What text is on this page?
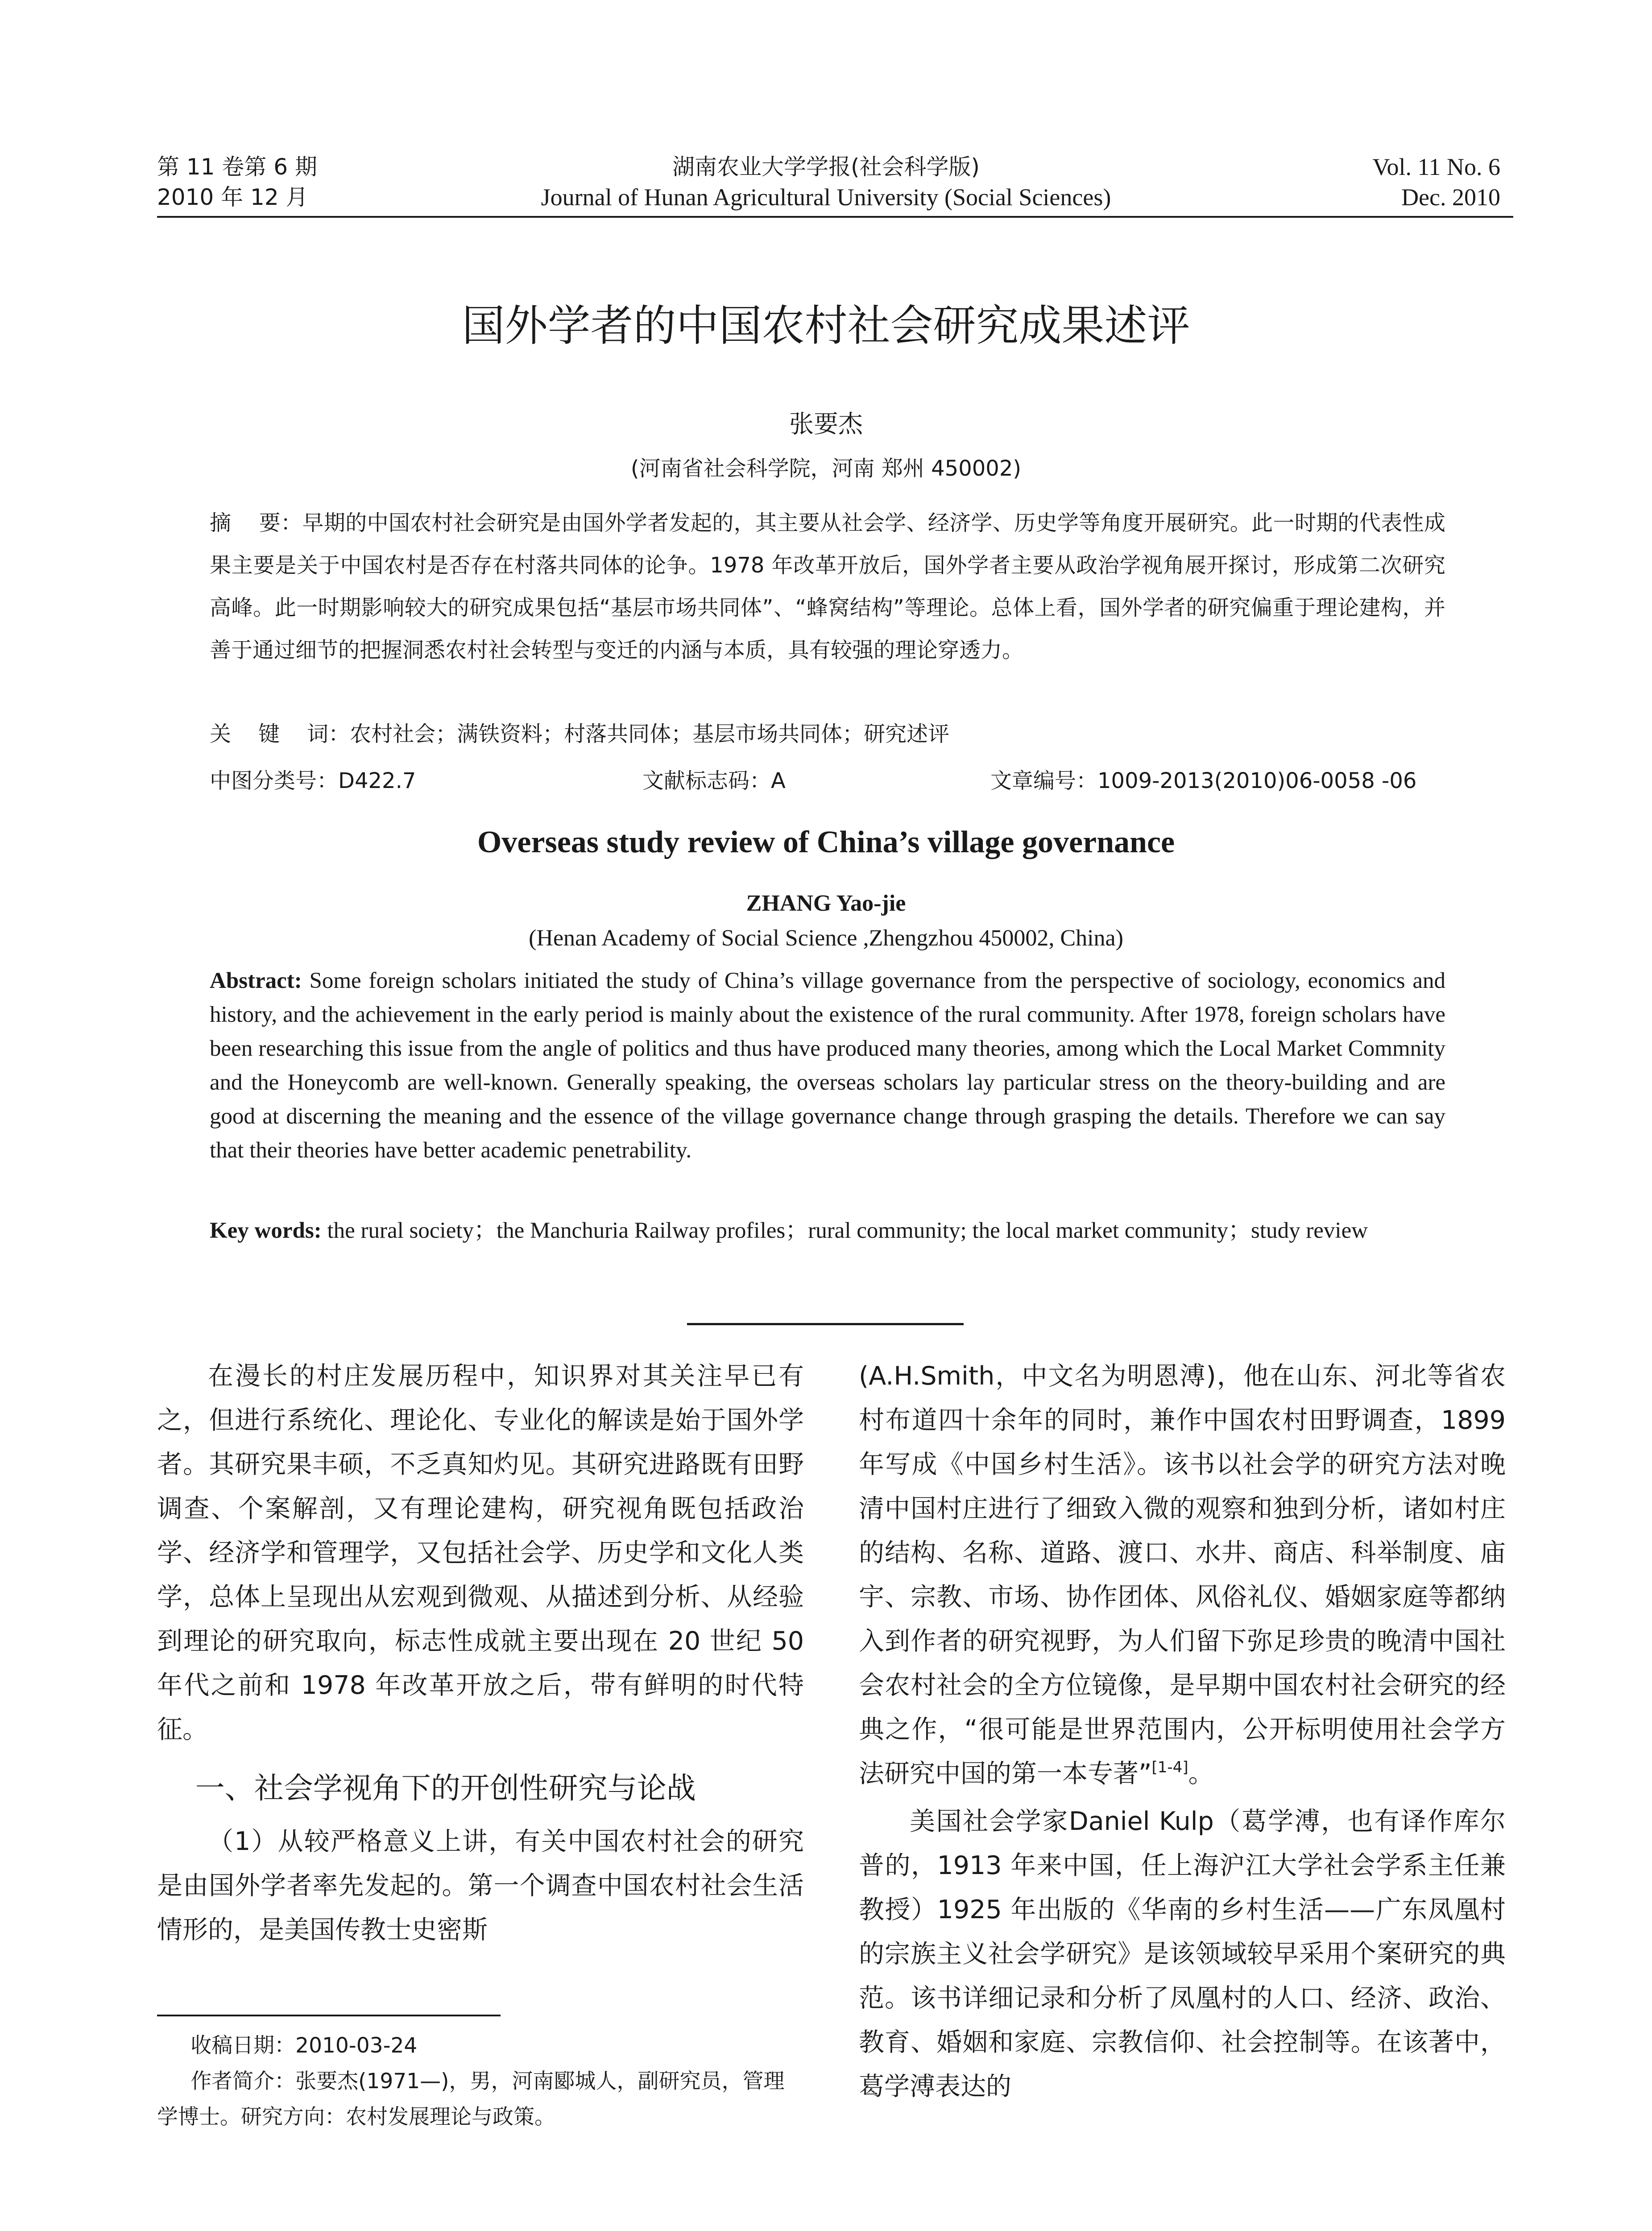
第 11 卷第 6 期
2010 年 12 月
湖南农业大学学报(社会科学版)
Journal of Hunan Agricultural University (Social Sciences)
Vol. 11 No. 6
Dec. 2010
国外学者的中国农村社会研究成果述评
张要杰
(河南省社会科学院，河南 郑州 450002)
摘    要：早期的中国农村社会研究是由国外学者发起的，其主要从社会学、经济学、历史学等角度开展研究。此一时期的代表性成果主要是关于中国农村是否存在村落共同体的论争。1978 年改革开放后，国外学者主要从政治学视角展开探讨，形成第二次研究高峰。此一时期影响较大的研究成果包括“基层市场共同体”、“蜂窝结构”等理论。总体上看，国外学者的研究偏重于理论建构，并善于通过细节的把握洞悉农村社会转型与变迁的内涵与本质，具有较强的理论穿透力。
关    键    词：农村社会；满铁资料；村落共同体；基层市场共同体；研究述评
中图分类号：D422.7	文献标志码：A	文章编号：1009-2013(2010)06-0058 -06
Overseas study review of China’s village governance
ZHANG Yao-jie
(Henan Academy of Social Science ,Zhengzhou 450002, China)
Abstract: Some foreign scholars initiated the study of China’s village governance from the perspective of sociology, economics and history, and the achievement in the early period is mainly about the existence of the rural community. After 1978, foreign scholars have been researching this issue from the angle of politics and thus have produced many theories, among which the Local Market Commnity and the Honeycomb are well-known. Generally speaking, the overseas scholars lay particular stress on the theory-building and are good at discerning the meaning and the essence of the village governance change through grasping the details. Therefore we can say that their theories have better academic penetrability.
Key words: the rural society；the Manchuria Railway profiles；rural community; the local market community；study review

在漫长的村庄发展历程中，知识界对其关注早已有之，但进行系统化、理论化、专业化的解读是始于国外学者。其研究果丰硕，不乏真知灼见。其研究进路既有田野调查、个案解剖，又有理论建构，研究视角既包括政治学、经济学和管理学，又包括社会学、历史学和文化人类学，总体上呈现出从宏观到微观、从描述到分析、从经验到理论的研究取向，标志性成就主要出现在 20 世纪 50 年代之前和 1978 年改革开放之后，带有鲜明的时代特征。

一、社会学视角下的开创性研究与论战

（1）从较严格意义上讲，有关中国农村社会的研究是由国外学者率先发起的。第一个调查中国农村社会生活情形的，是美国传教士史密斯

(A.H.Smith，中文名为明恩溥)，他在山东、河北等省农村布道四十余年的同时，兼作中国农村田野调查，1899 年写成《中国乡村生活》。该书以社会学的研究方法对晚清中国村庄进行了细致入微的观察和独到分析，诸如村庄的结构、名称、道路、渡口、水井、商店、科举制度、庙宇、宗教、市场、协作团体、风俗礼仪、婚姻家庭等都纳入到作者的研究视野，为人们留下弥足珍贵的晚清中国社会农村社会的全方位镜像，是早期中国农村社会研究的经典之作，“很可能是世界范围内，公开标明使用社会学方法研究中国的第一本专著”[1-4]。

美国社会学家Daniel Kulp（葛学溥，也有译作库尔普的，1913 年来中国，任上海沪江大学社会学系主任兼教授）1925 年出版的《华南的乡村生活——广东凤凰村的宗族主义社会学研究》是该领域较早采用个案研究的典范。该书详细记录和分析了凤凰村的人口、经济、政治、教育、婚姻和家庭、宗教信仰、社会控制等。在该著中，葛学溥表达的

收稿日期：2010-03-24

作者简介：张要杰(1971—)，男，河南郾城人，副研究员，管理学博士。研究方向：农村发展理论与政策。
